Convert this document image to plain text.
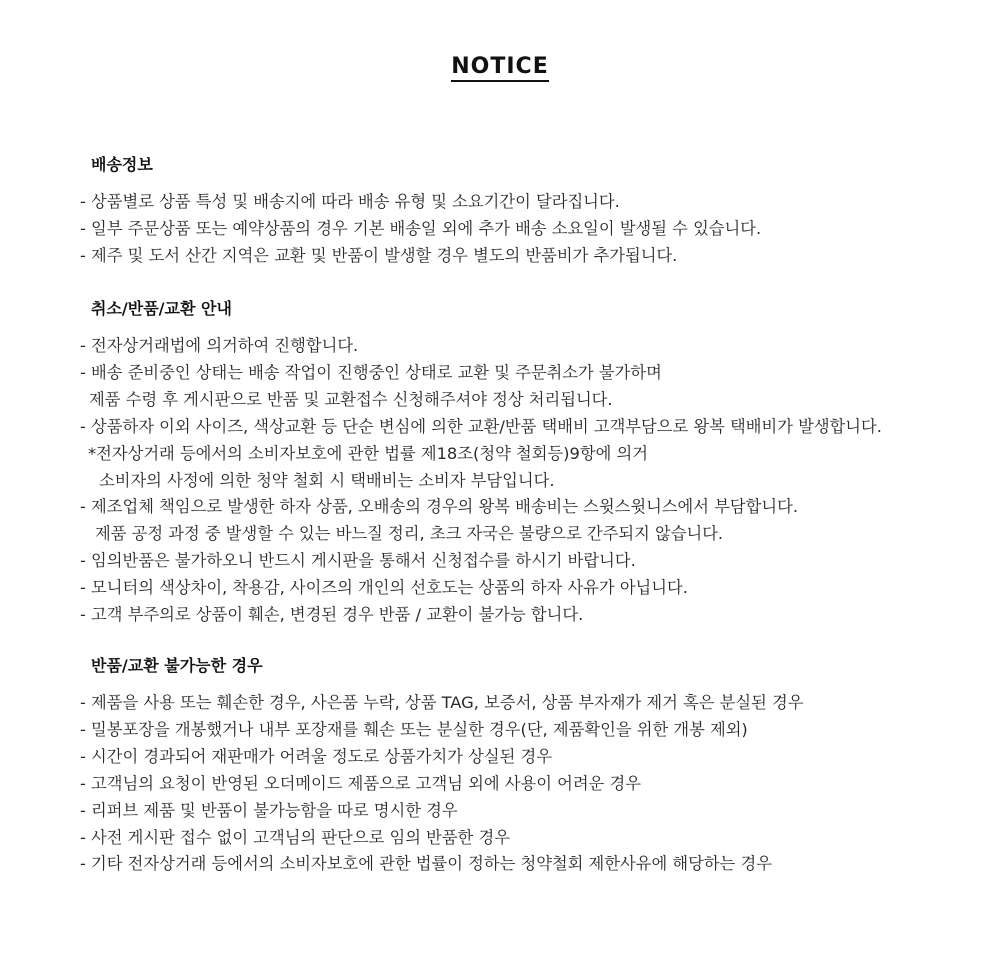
NOTICE
배송정보
- 상품별로 상품 특성 및 배송지에 따라 배송 유형 및 소요기간이 달라집니다.
- 일부 주문상품 또는 예약상품의 경우 기본 배송일 외에 추가 배송 소요일이 발생될 수 있습니다.
- 제주 및 도서 산간 지역은 교환 및 반품이 발생할 경우 별도의 반품비가 추가됩니다.
취소/반품/교환 안내
- 전자상거래법에 의거하여 진행합니다.
- 배송 준비중인 상태는 배송 작업이 진행중인 상태로 교환 및 주문취소가 불가하며
제품 수령 후 게시판으로 반품 및 교환접수 신청해주셔야 정상 처리됩니다.
- 상품하자 이외 사이즈, 색상교환 등 단순 변심에 의한 교환/반품 택배비 고객부담으로 왕복 택배비가 발생합니다.
*전자상거래 등에서의 소비자보호에 관한 법률 제18조(청약 철회등)9항에 의거
소비자의 사정에 의한 청약 철회 시 택배비는 소비자 부담입니다.
- 제조업체 책임으로 발생한 하자 상품, 오배송의 경우의 왕복 배송비는 스윗스윗니스에서 부담합니다.
제품 공정 과정 중 발생할 수 있는 바느질 정리, 초크 자국은 불량으로 간주되지 않습니다.
- 임의반품은 불가하오니 반드시 게시판을 통해서 신청접수를 하시기 바랍니다.
- 모니터의 색상차이, 착용감, 사이즈의 개인의 선호도는 상품의 하자 사유가 아닙니다.
- 고객 부주의로 상품이 훼손, 변경된 경우 반품 / 교환이 불가능 합니다.
반품/교환 불가능한 경우
- 제품을 사용 또는 훼손한 경우, 사은품 누락, 상품 TAG, 보증서, 상품 부자재가 제거 혹은 분실된 경우
- 밀봉포장을 개봉했거나 내부 포장재를 훼손 또는 분실한 경우(단, 제품확인을 위한 개봉 제외)
- 시간이 경과되어 재판매가 어려울 정도로 상품가치가 상실된 경우
- 고객님의 요청이 반영된 오더메이드 제품으로 고객님 외에 사용이 어려운 경우
- 리퍼브 제품 및 반품이 불가능함을 따로 명시한 경우
- 사전 게시판 접수 없이 고객님의 판단으로 임의 반품한 경우
- 기타 전자상거래 등에서의 소비자보호에 관한 법률이 정하는 청약철회 제한사유에 해당하는 경우
